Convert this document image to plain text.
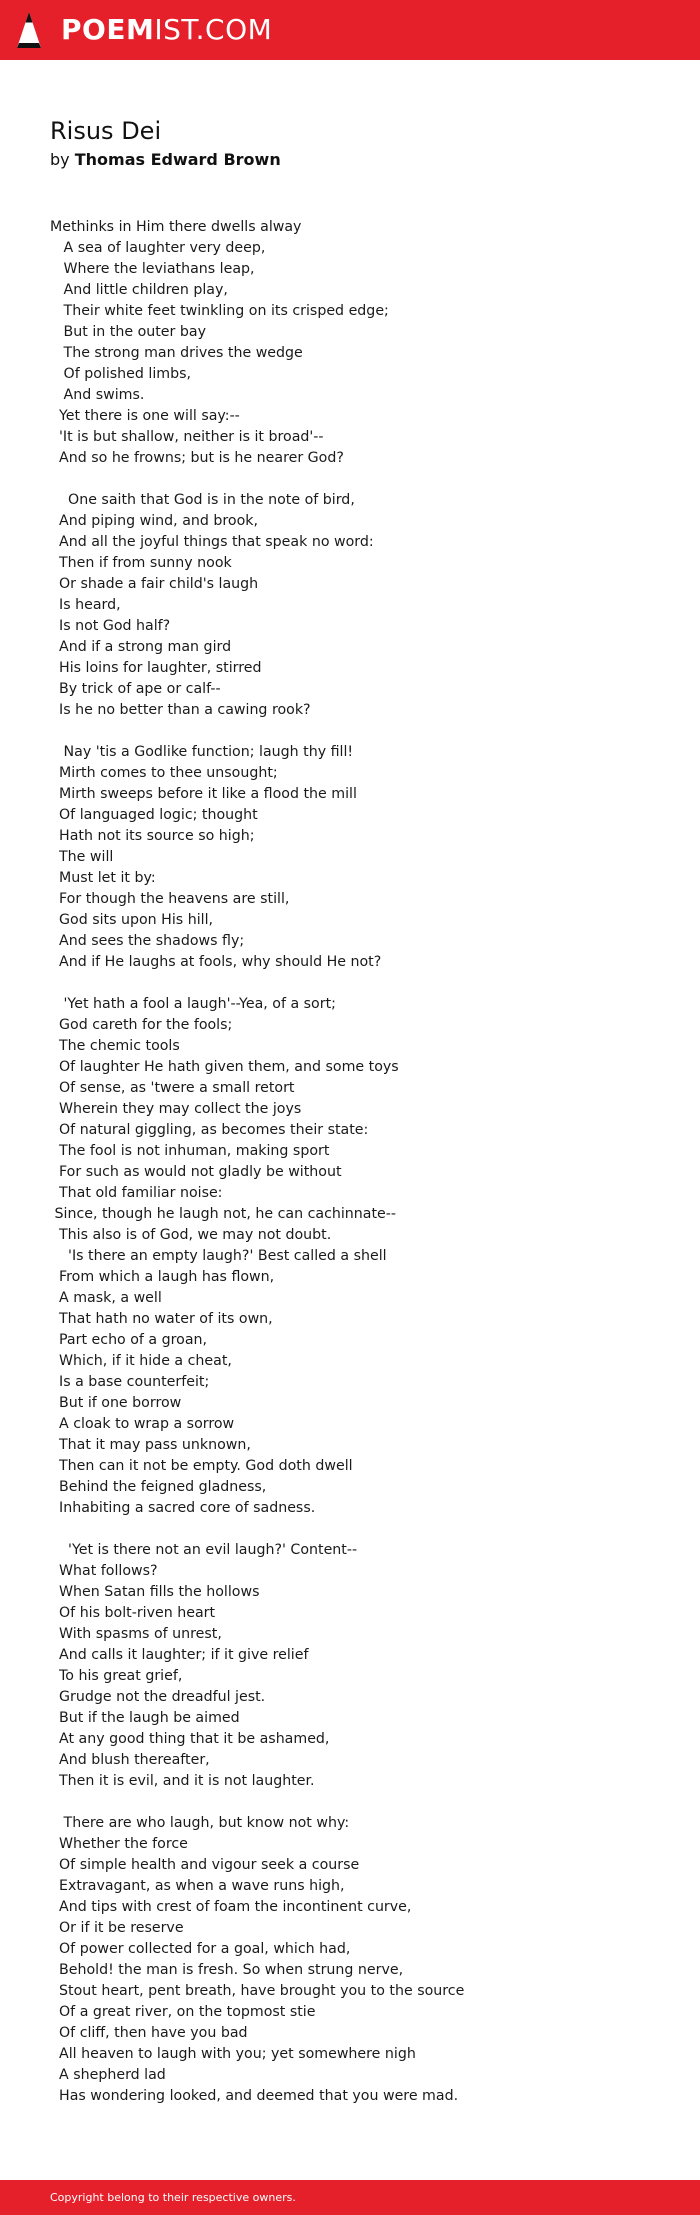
POEMIST.COM
Risus Dei
by Thomas Edward Brown
Methinks in Him there dwells alway
A sea of laughter very deep,
Where the leviathans leap,
And little children play,
Their white feet twinkling on its crisped edge;
But in the outer bay
The strong man drives the wedge
Of polished limbs,
And swims.
Yet there is one will say:--
'It is but shallow, neither is it broad'--
And so he frowns; but is he nearer God?

One saith that God is in the note of bird,
And piping wind, and brook,
And all the joyful things that speak no word:
Then if from sunny nook
Or shade a fair child's laugh
Is heard,
Is not God half?
And if a strong man gird
His loins for laughter, stirred
By trick of ape or calf--
Is he no better than a cawing rook?

Nay 'tis a Godlike function; laugh thy fill!
Mirth comes to thee unsought;
Mirth sweeps before it like a flood the mill
Of languaged logic; thought
Hath not its source so high;
The will
Must let it by:
For though the heavens are still,
God sits upon His hill,
And sees the shadows fly;
And if He laughs at fools, why should He not?

'Yet hath a fool a laugh'--Yea, of a sort;
God careth for the fools;
The chemic tools
Of laughter He hath given them, and some toys
Of sense, as 'twere a small retort
Wherein they may collect the joys
Of natural giggling, as becomes their state:
The fool is not inhuman, making sport
For such as would not gladly be without
That old familiar noise:
Since, though he laugh not, he can cachinnate--
This also is of God, we may not doubt.
'Is there an empty laugh?' Best called a shell
From which a laugh has flown,
A mask, a well
That hath no water of its own,
Part echo of a groan,
Which, if it hide a cheat,
Is a base counterfeit;
But if one borrow
A cloak to wrap a sorrow
That it may pass unknown,
Then can it not be empty. God doth dwell
Behind the feigned gladness,
Inhabiting a sacred core of sadness.

'Yet is there not an evil laugh?' Content--
What follows?
When Satan fills the hollows
Of his bolt-riven heart
With spasms of unrest,
And calls it laughter; if it give relief
To his great grief,
Grudge not the dreadful jest.
But if the laugh be aimed
At any good thing that it be ashamed,
And blush thereafter,
Then it is evil, and it is not laughter.

There are who laugh, but know not why:
Whether the force
Of simple health and vigour seek a course
Extravagant, as when a wave runs high,
And tips with crest of foam the incontinent curve,
Or if it be reserve
Of power collected for a goal, which had,
Behold! the man is fresh. So when strung nerve,
Stout heart, pent breath, have brought you to the source
Of a great river, on the topmost stie
Of cliff, then have you bad
All heaven to laugh with you; yet somewhere nigh
A shepherd lad
Has wondering looked, and deemed that you were mad.
Copyright belong to their respective owners.
